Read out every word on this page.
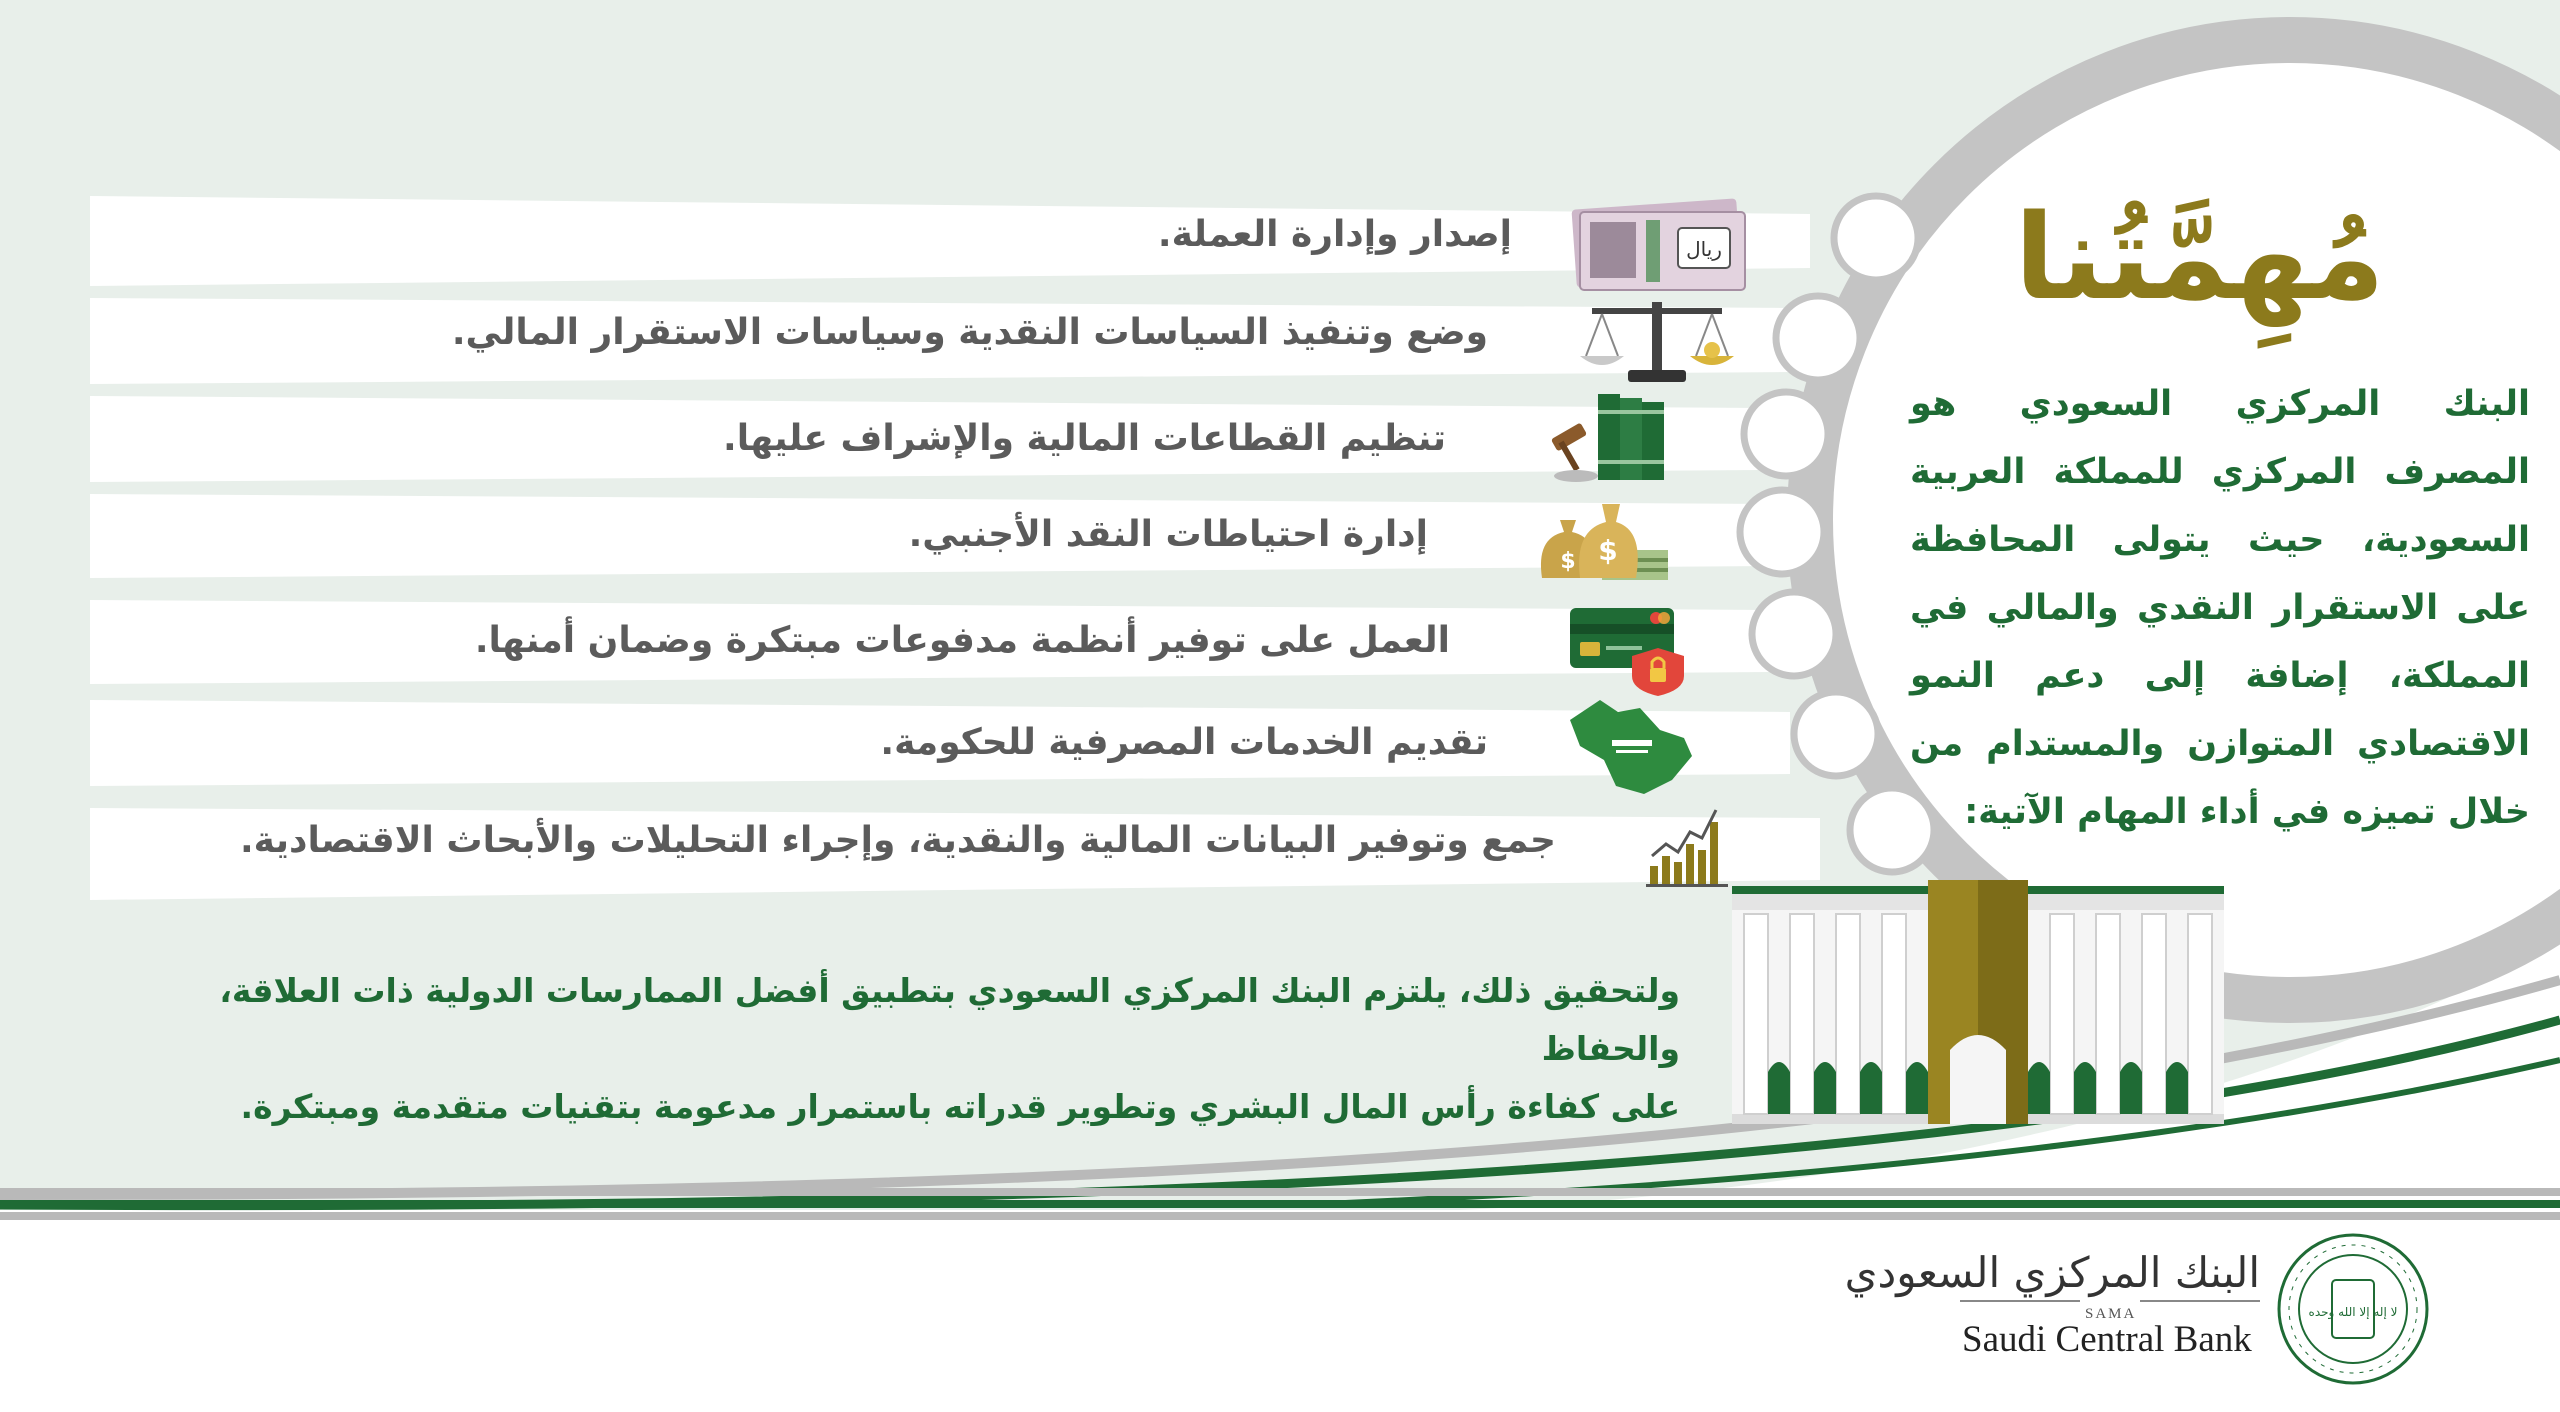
مُهِمَّتُنا
البنك المركزي السعودي هو المصرف المركزي للمملكة العربية السعودية، حيث يتولى المحافظة على الاستقرار النقدي والمالي في المملكة، إضافة إلى دعم النمو الاقتصادي المتوازن والمستدام من خلال تميزه في أداء المهام الآتية:
إصدار وإدارة العملة.
وضع وتنفيذ السياسات النقدية وسياسات الاستقرار المالي.
تنظيم القطاعات المالية والإشراف عليها.
إدارة احتياطات النقد الأجنبي.
العمل على توفير أنظمة مدفوعات مبتكرة وضمان أمنها.
تقديم الخدمات المصرفية للحكومة.
جمع وتوفير البيانات المالية والنقدية، وإجراء التحليلات والأبحاث الاقتصادية.
ريال
$
$
ولتحقيق ذلك، يلتزم البنك المركزي السعودي بتطبيق أفضل الممارسات الدولية ذات العلاقة، والحفاظ
على كفاءة رأس المال البشري وتطوير قدراته باستمرار مدعومة بتقنيات متقدمة ومبتكرة.
البنك المركزي السعودي
SAMA
Saudi Central Bank
لا إله إلا الله وحده
